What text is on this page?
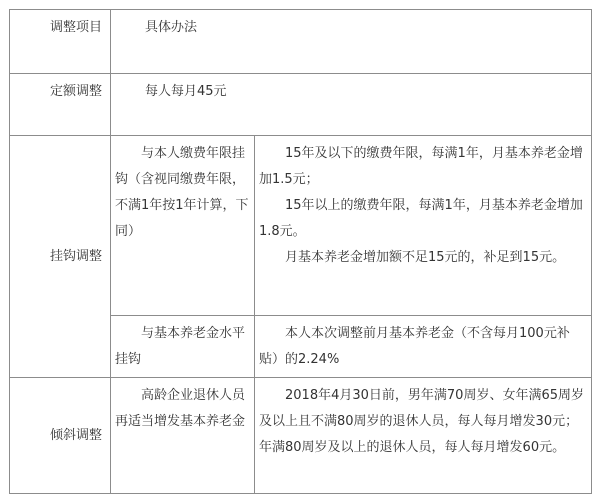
调整项目	具体办法	

定额调整	每人每月45元	

挂钩调整	与本人缴费年限挂钩（含视同缴费年限，不满1年按1年计算，下同）	15年及以下的缴费年限，每满1年，月基本养老金增加1.5元；
15年以上的缴费年限，每满1年，月基本养老金增加1.8元。
月基本养老金增加额不足15元的，补足到15元。

	与基本养老金水平挂钩	本人本次调整前月基本养老金（不含每月100元补贴）的2.24%

倾斜调整	高龄企业退休人员再适当增发基本养老金	2018年4月30日前，男年满70周岁、女年满65周岁及以上且不满80周岁的退休人员，每人每月增发30元；年满80周岁及以上的退休人员，每人每月增发60元。
